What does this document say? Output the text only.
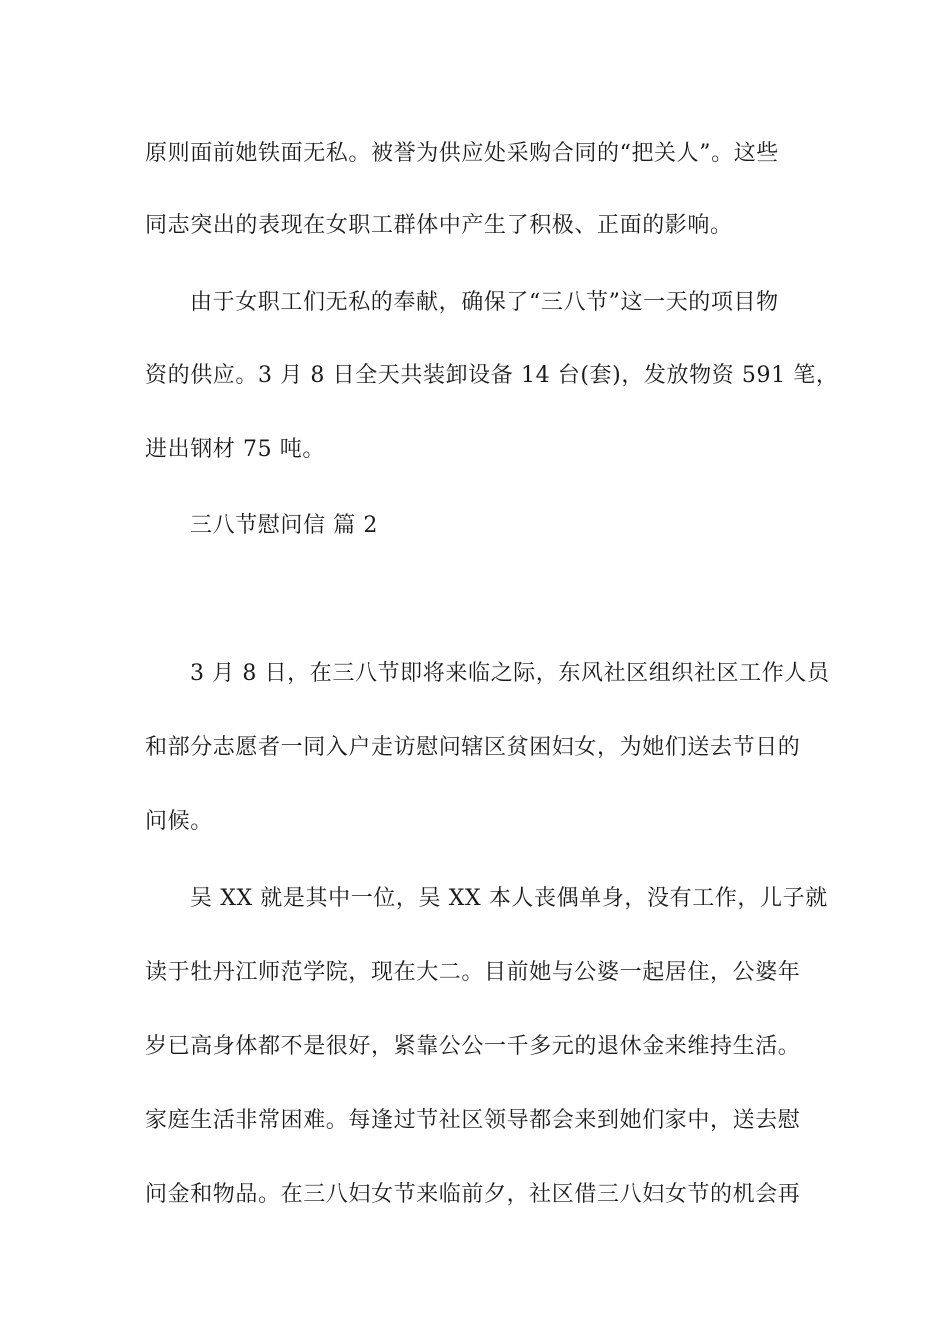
原则面前她铁面无私。被誉为供应处采购合同的“把关人”。这些
同志突出的表现在女职工群体中产生了积极、正面的影响。
由于女职工们无私的奉献，确保了“三八节”这一天的项目物
资的供应。3 月 8 日全天共装卸设备 14 台(套)，发放物资 591 笔，
进出钢材 75 吨。
三八节慰问信 篇 2
3 月 8 日，在三八节即将来临之际，东风社区组织社区工作人员
和部分志愿者一同入户走访慰问辖区贫困妇女，为她们送去节日的
问候。
吴 XX 就是其中一位，吴 XX 本人丧偶单身，没有工作，儿子就
读于牡丹江师范学院，现在大二。目前她与公婆一起居住，公婆年
岁已高身体都不是很好，紧靠公公一千多元的退休金来维持生活。
家庭生活非常困难。每逢过节社区领导都会来到她们家中，送去慰
问金和物品。在三八妇女节来临前夕，社区借三八妇女节的机会再
